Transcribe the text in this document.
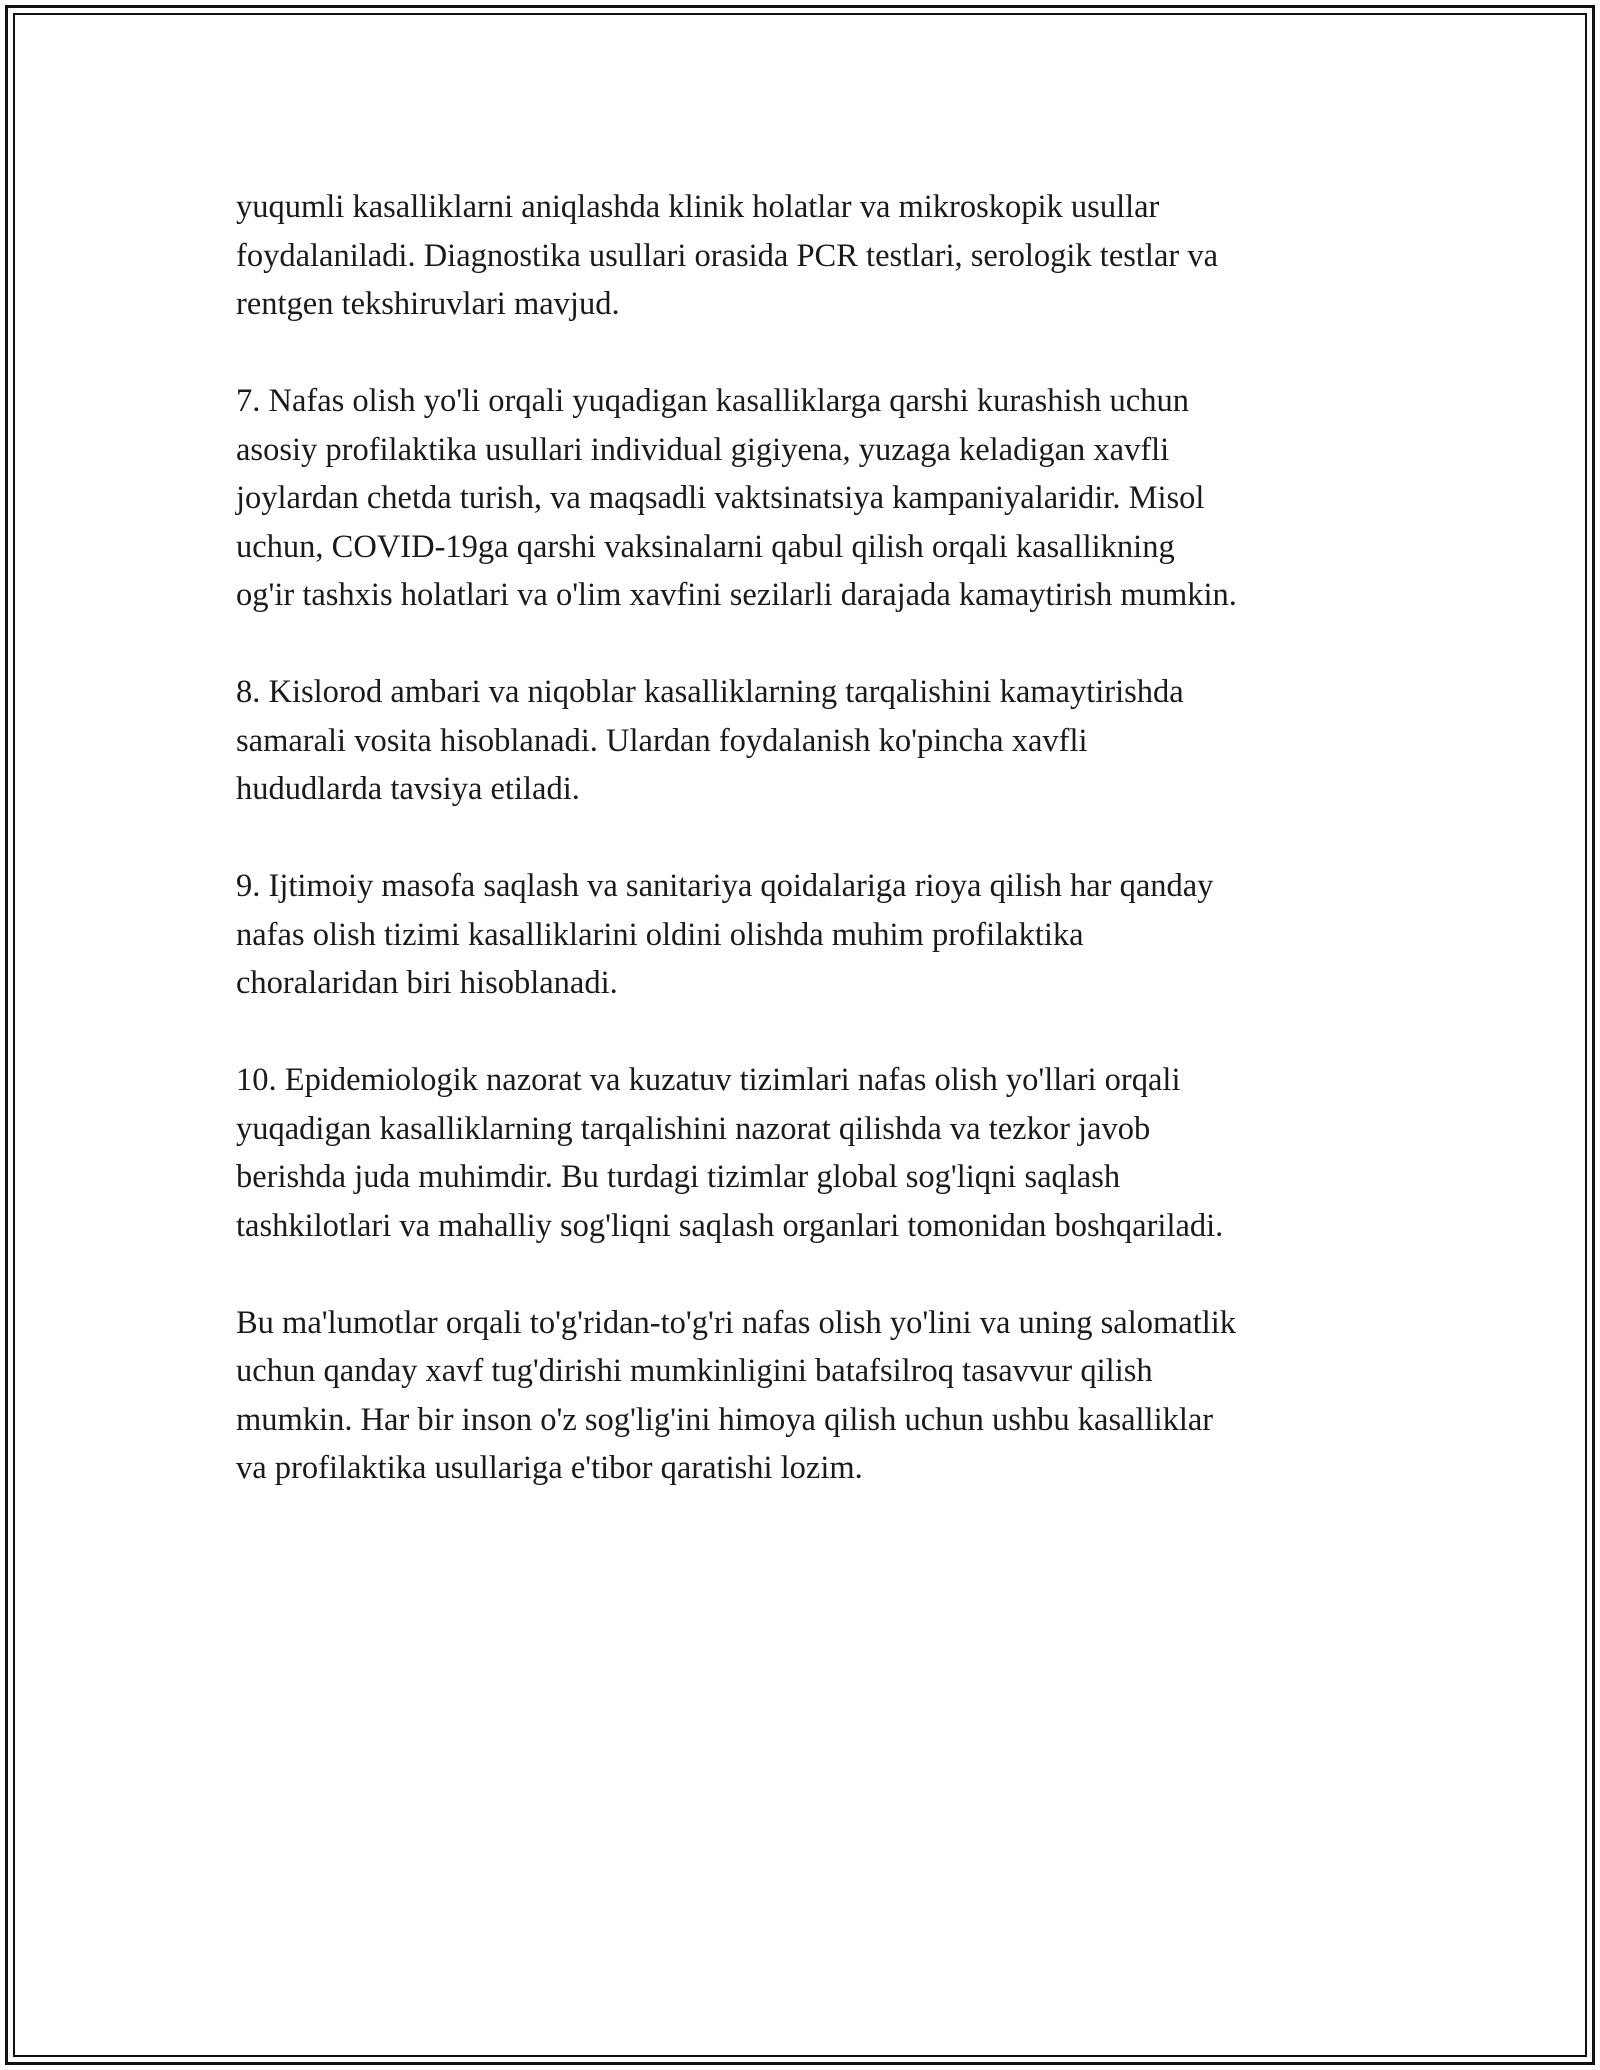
yuqumli kasalliklarni aniqlashda klinik holatlar va mikroskopik usullar
foydalaniladi. Diagnostika usullari orasida PCR testlari, serologik testlar va
rentgen tekshiruvlari mavjud.

7. Nafas olish yo'li orqali yuqadigan kasalliklarga qarshi kurashish uchun
asosiy profilaktika usullari individual gigiyena, yuzaga keladigan xavfli
joylardan chetda turish, va maqsadli vaktsinatsiya kampaniyalaridir. Misol
uchun, COVID-19ga qarshi vaksinalarni qabul qilish orqali kasallikning
og'ir tashxis holatlari va o'lim xavfini sezilarli darajada kamaytirish mumkin.

8. Kislorod ambari va niqoblar kasalliklarning tarqalishini kamaytirishda
samarali vosita hisoblanadi. Ulardan foydalanish ko'pincha xavfli
hududlarda tavsiya etiladi.

9. Ijtimoiy masofa saqlash va sanitariya qoidalariga rioya qilish har qanday
nafas olish tizimi kasalliklarini oldini olishda muhim profilaktika
choralaridan biri hisoblanadi.

10. Epidemiologik nazorat va kuzatuv tizimlari nafas olish yo'llari orqali
yuqadigan kasalliklarning tarqalishini nazorat qilishda va tezkor javob
berishda juda muhimdir. Bu turdagi tizimlar global sog'liqni saqlash
tashkilotlari va mahalliy sog'liqni saqlash organlari tomonidan boshqariladi.

Bu ma'lumotlar orqali to'g'ridan-to'g'ri nafas olish yo'lini va uning salomatlik
uchun qanday xavf tug'dirishi mumkinligini batafsilroq tasavvur qilish
mumkin. Har bir inson o'z sog'lig'ini himoya qilish uchun ushbu kasalliklar
va profilaktika usullariga e'tibor qaratishi lozim.
